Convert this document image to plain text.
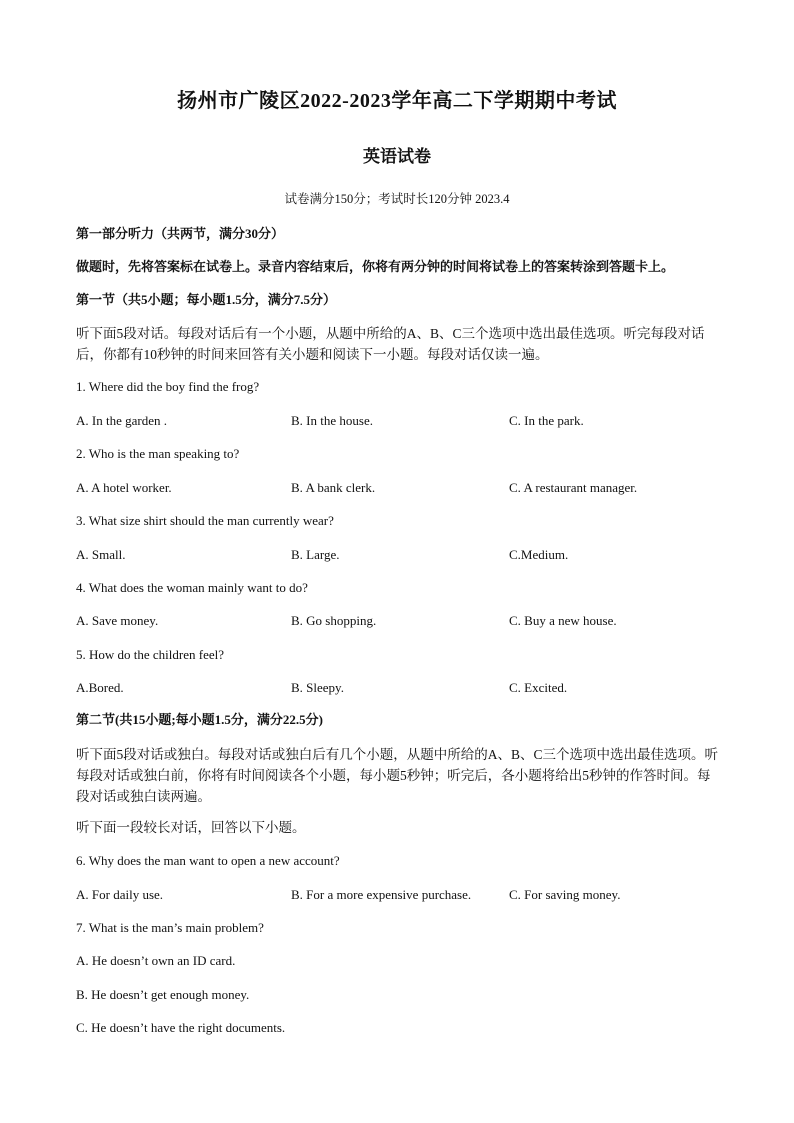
扬州市广陵区2022-2023学年高二下学期期中考试
英语试卷
试卷满分150分；考试时长120分钟 2023.4
第一部分听力（共两节，满分30分）
做题时，先将答案标在试卷上。录音内容结束后，你将有两分钟的时间将试卷上的答案转涂到答题卡上。
第一节（共5小题；每小题1.5分，满分7.5分）
听下面5段对话。每段对话后有一个小题，从题中所给的A、B、C三个选项中选出最佳选项。听完每段对话后，你都有10秒钟的时间来回答有关小题和阅读下一小题。每段对话仅读一遍。
1. Where did the boy find the frog?
A. In the garden .	B. In the house.	C. In the park.
2. Who is the man speaking to?
A. A hotel worker.	B. A bank clerk.	C. A restaurant manager.
3. What size shirt should the man currently wear?
A. Small.	B. Large.	C.Medium.
4. What does the woman mainly want to do?
A. Save money.	B. Go shopping.	C. Buy a new house.
5. How do the children feel?
A.Bored.	B. Sleepy.	C. Excited.
第二节(共15小题;每小题1.5分，满分22.5分)
听下面5段对话或独白。每段对话或独白后有几个小题，从题中所给的A、B、C三个选项中选出最佳选项。听每段对话或独白前，你将有时间阅读各个小题，每小题5秒钟；听完后，各小题将给出5秒钟的作答时间。每段对话或独白读两遍。
听下面一段较长对话，回答以下小题。
6. Why does the man want to open a new account?
A. For daily use.	B. For a more expensive purchase.	C. For saving money.
7. What is the man’s main problem?
A. He doesn’t own an ID card.
B. He doesn’t get enough money.
C. He doesn’t have the right documents.
